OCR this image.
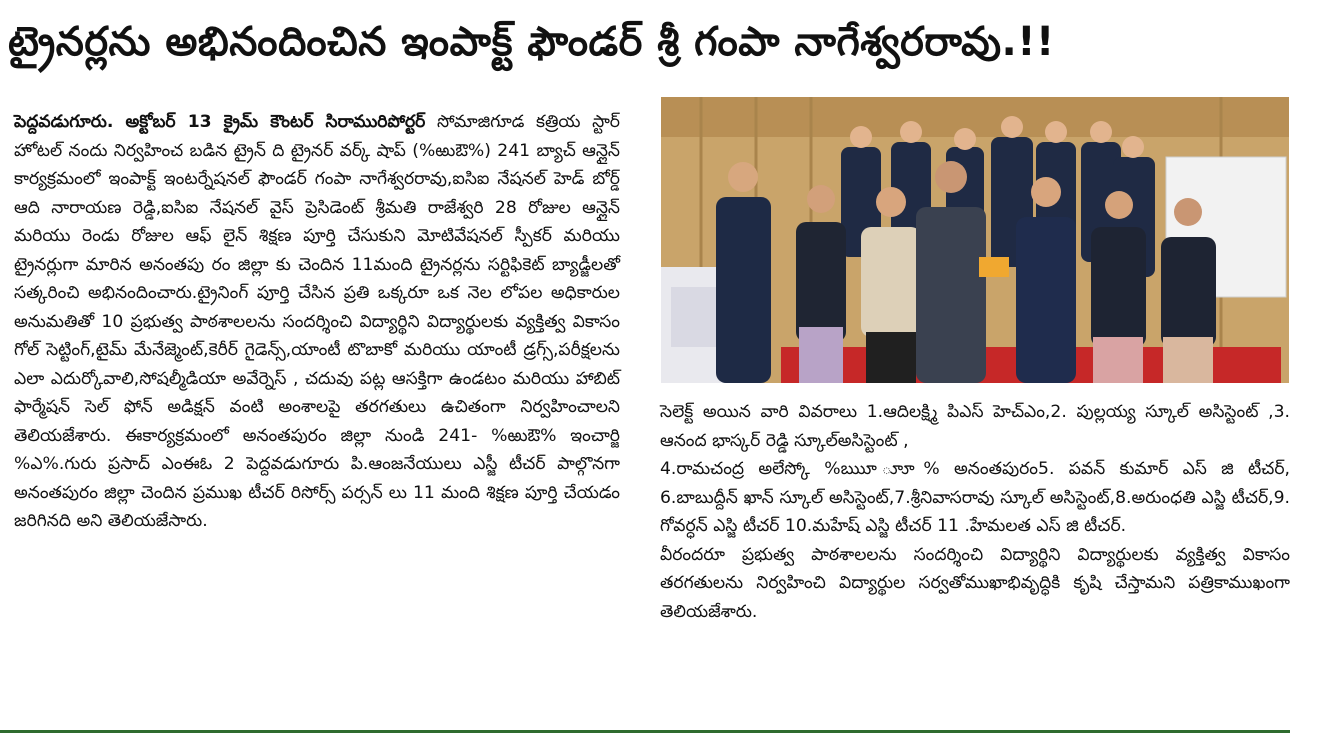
ట్రైనర్లను అభినందించిన ఇంపాక్ట్ ఫౌండర్ శ్రీ గంపా నాగేశ్వరరావు.!!

పెద్దవడుగూరు. అక్టోబర్ 13 క్రైమ్ కౌంటర్ సిరామురిపోర్టర్ సోమాజిగూడ కత్రియ స్టార్ హోటల్ నందు నిర్వహించ బడిన ట్రైన్ ది ట్రైనర్ వర్క్ షాప్ (%ఱుఔ%) 241 బ్యాచ్ ఆన్లైన్ కార్యక్రమంలో ఇంపాక్ట్ ఇంటర్నేషనల్ ఫౌండర్ గంపా నాగేశ్వరరావు,ఐసిఐ నేషనల్ హెడ్ బోర్డ్ ఆది నారాయణ రెడ్డి,ఐసిఐ నేషనల్ వైస్ ప్రెసిడెంట్ శ్రీమతి రాజేశ్వరి 28 రోజుల ఆన్లైన్ మరియు రెండు రోజుల ఆఫ్ లైన్ శిక్షణ పూర్తి చేసుకుని మోటివేషనల్ స్పీకర్ మరియు ట్రైనర్లుగా మారిన అనంతపు రం జిల్లా కు చెందిన 11మంది ట్రైనర్లను సర్టిఫికెట్ బ్యాడ్జీలతో సత్కరించి అభినందించారు.ట్రైనింగ్ పూర్తి చేసిన ప్రతి ఒక్కరూ ఒక నెల లోపల అధికారుల అనుమతితో 10 ప్రభుత్వ పాఠశాలలను సందర్శించి విద్యార్థిని విద్యార్థులకు వ్యక్తిత్వ వికాసం గోల్ సెట్టింగ్,టైమ్ మేనేజ్మెంట్,కెరీర్ గైడెన్స్,యాంటీ టొబాకో మరియు యాంటీ డ్రగ్స్,పరీక్షలను ఎలా ఎదుర్కోవాలి,సోషల్మీడియా అవేర్నెస్ , చదువు పట్ల ఆసక్తిగా ఉండటం మరియు హాబిట్ ఫార్మేషన్ సెల్ ఫోన్ అడిక్షన్ వంటి అంశాలపై తరగతులు ఉచితంగా నిర్వహించాలని తెలియజేశారు. ఈకార్యక్రమంలో అనంతపురం జిల్లా నుండి 241- %ఱుఔ% ఇంచార్జి %ఎ%.గురు ప్రసాద్ ఎంఈఓ 2 పెద్దవడుగూరు పి.ఆంజనేయులు ఎస్జీ టీచర్ పాల్గొనగా అనంతపురం జిల్లా చెందిన ప్రముఖ టీచర్ రిసోర్స్ పర్సన్ లు 11 మంది శిక్షణ పూర్తి చేయడం జరిగినది అని తెలియజేసారు.

సెలెక్ట్ అయిన వారి వివరాలు 1.ఆదిలక్ష్మి పిఎస్ హెచ్ఎం,2. పుల్లయ్య స్కూల్ అసిస్టెంట్ ,3. ఆనంద భాస్కర్ రెడ్డి స్కూల్అసిస్టెంట్ ,

4.రామచంద్ర అలేస్కో %ఋూ ూూ% అనంతపురం5. పవన్ కుమార్ ఎస్ జి టీచర్, 6.బాబుద్దీన్ ఖాన్ స్కూల్ అసిస్టెంట్,7.శ్రీనివాసరావు స్కూల్ అసిస్టెంట్,8.అరుంధతి ఎస్జి టీచర్,9. గోవర్ధన్ ఎస్జి టీచర్ 10.మహేష్ ఎస్జి టీచర్ 11 .హేమలత ఎస్ జి టీచర్.

వీరందరూ ప్రభుత్వ పాఠశాలలను సందర్శించి విద్యార్థిని విద్యార్థులకు వ్యక్తిత్వ వికాసం తరగతులను నిర్వహించి విద్యార్థుల సర్వతోముఖాభివృద్ధికి కృషి చేస్తామని పత్రికాముఖంగా తెలియజేశారు.
